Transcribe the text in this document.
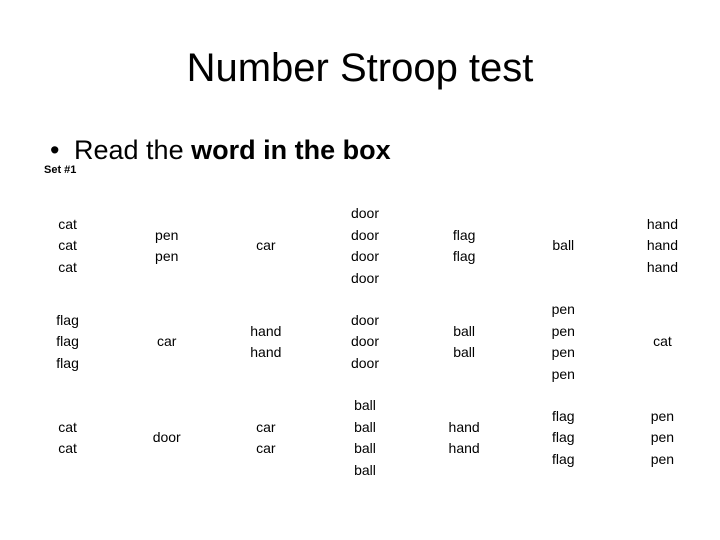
Number Stroop test
• Read the word in the box
Set #1
cat
cat
cat
pen
pen
car
door
door
door
door
flag
flag
ball
hand
hand
hand
flag
flag
flag
car
hand
hand
door
door
door
ball
ball
pen
pen
pen
pen
cat
cat
cat
door
car
car
ball
ball
ball
ball
hand
hand
flag
flag
flag
pen
pen
pen
